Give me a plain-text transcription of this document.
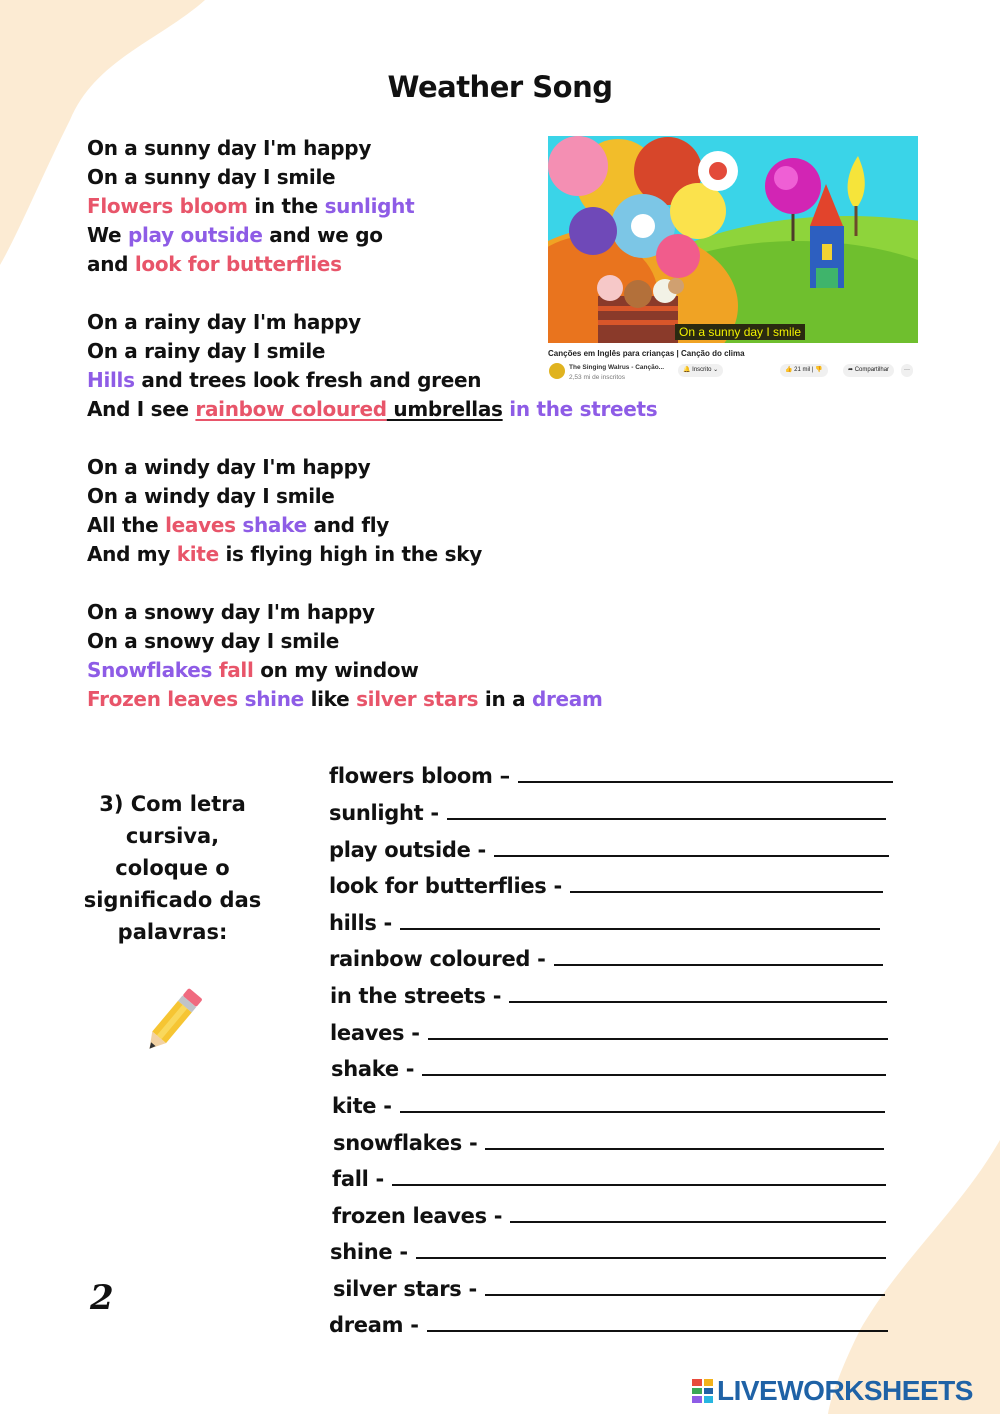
Weather Song
On a sunny day I'm happy
On a sunny day I smile
Flowers bloom in the sunlight
We play outside and we go
and look for butterflies
On a rainy day I'm happy
On a rainy day I smile
Hills and trees look fresh and green
And I see rainbow coloured umbrellas in the streets
On a windy day I'm happy
On a windy day I smile
All the leaves shake and fly
And my kite is flying high in the sky
On a snowy day I'm happy
On a snowy day I smile
Snowflakes fall on my window
Frozen leaves shine like silver stars in a dream
On a sunny day I smile
Canções em Inglês para crianças | Canção do clima
The Singing Walrus - Canção...
2,53 mi de inscritos
🔔 Inscrito ⌄	👍 21 mil | 👎	➦ Compartilhar	···
3) Com letra cursiva, coloque o significado das palavras:
2
flowers bloom –
sunlight -
play outside -
look for butterflies -
hills -
rainbow coloured -
in the streets -
leaves -
shake -
kite -
snowflakes -
fall -
frozen leaves -
shine -
silver stars -
dream -
LIVEWORKSHEETS
